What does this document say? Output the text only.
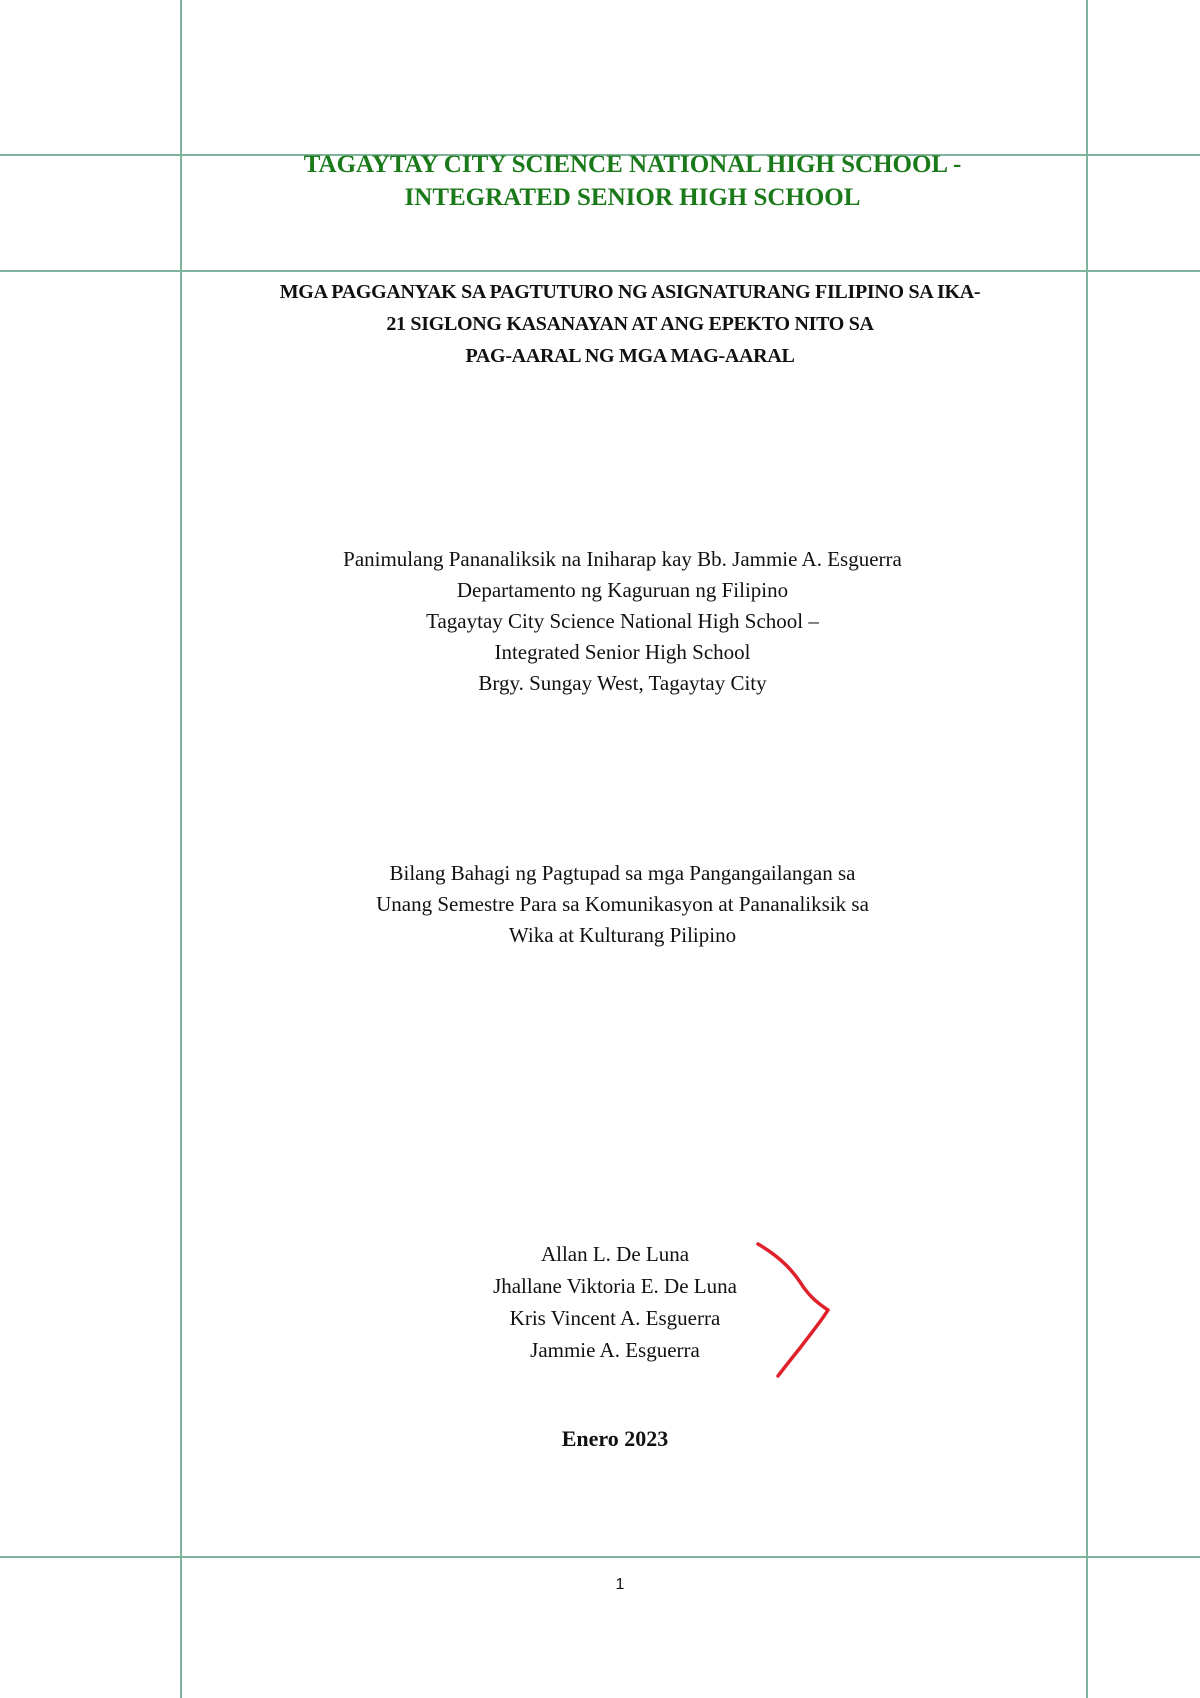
TAGAYTAY CITY SCIENCE NATIONAL HIGH SCHOOL -
INTEGRATED SENIOR HIGH SCHOOL
MGA PAGGANYAK SA PAGTUTURO NG ASIGNATURANG FILIPINO SA IKA-
21 SIGLONG KASANAYAN AT ANG EPEKTO NITO SA
PAG-AARAL NG MGA MAG-AARAL
Panimulang Pananaliksik na Iniharap kay Bb. Jammie A. Esguerra
Departamento ng Kaguruan ng Filipino
Tagaytay City Science National High School –
Integrated Senior High School
Brgy. Sungay West, Tagaytay City
Bilang Bahagi ng Pagtupad sa mga Pangangailangan sa
Unang Semestre Para sa Komunikasyon at Pananaliksik sa
Wika at Kulturang Pilipino
Allan L. De Luna
Jhallane Viktoria E. De Luna
Kris Vincent A. Esguerra
Jammie A. Esguerra
Enero 2023
1
